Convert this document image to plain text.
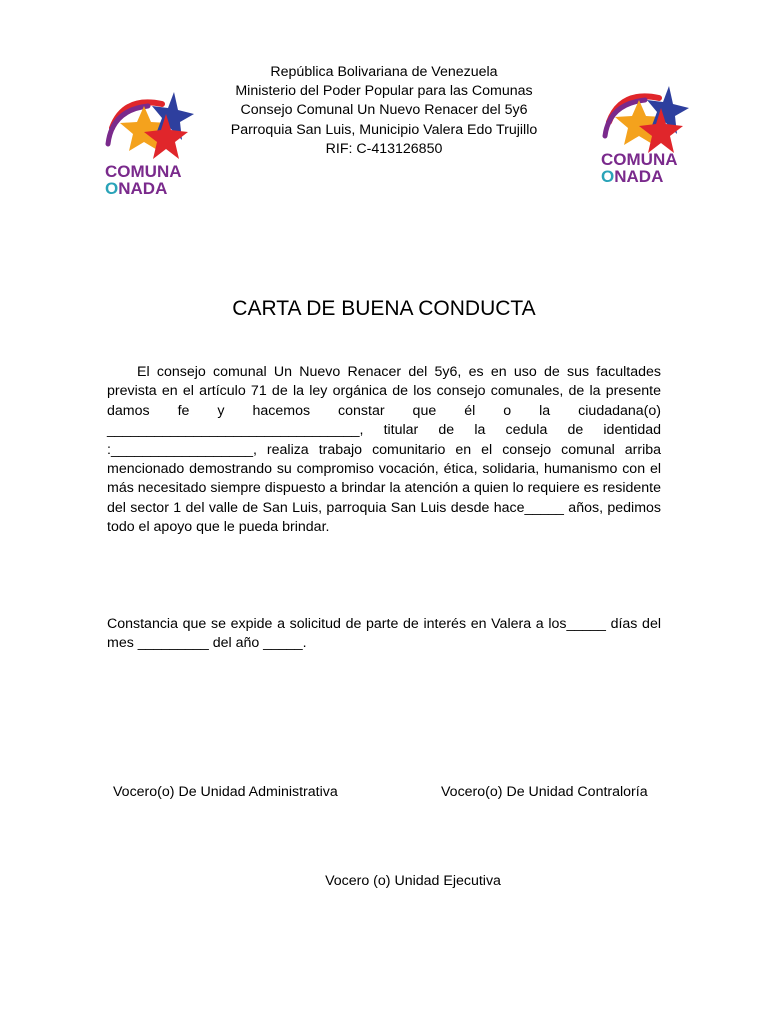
COMUNA
ONADA
República Bolivariana de Venezuela
Ministerio del Poder Popular para las Comunas
Consejo Comunal Un Nuevo Renacer del 5y6
Parroquia San Luis, Municipio Valera Edo Trujillo
RIF: C-413126850
COMUNA
ONADA
CARTA DE BUENA CONDUCTA

El consejo comunal Un Nuevo Renacer del 5y6, es en uso de sus facultades prevista en el artículo 71 de la ley orgánica de los consejo comunales, de la presente damos fe y hacemos constar que él o la ciudadana(o) ________________________________, titular de la cedula de identidad :__________________, realiza trabajo comunitario en el consejo comunal arriba mencionado demostrando su compromiso vocación, ética, solidaria, humanismo con el más necesitado siempre dispuesto a brindar la atención a quien lo requiere es residente del sector 1 del valle de San Luis, parroquia San Luis desde hace_____ años, pedimos todo el apoyo que le pueda brindar.

Constancia que se expide a solicitud de parte de interés en Valera a los_____ días del mes _________ del año _____.

Vocero(o) De Unidad Administrativa	Vocero(o) De Unidad Contraloría
Vocero (o) Unidad Ejecutiva
